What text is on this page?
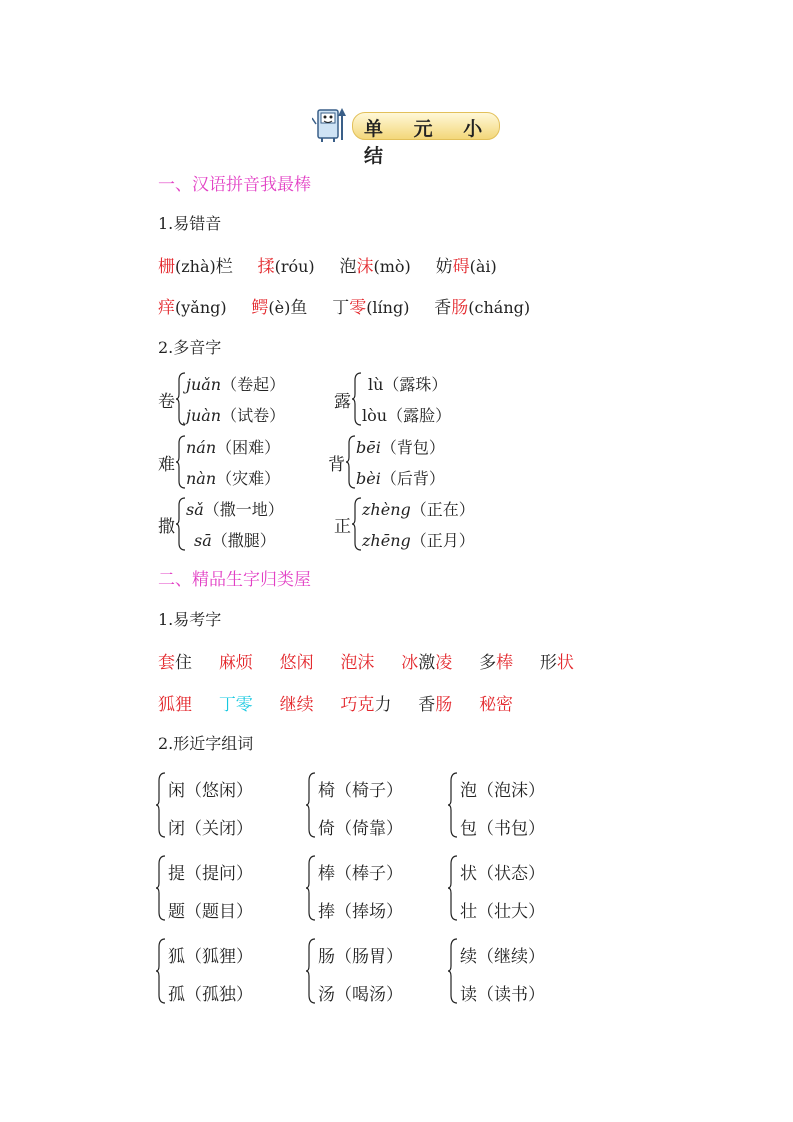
单 元 小 结
一、汉语拼音我最棒
1.易错音
栅(zhà)栏 揉(róu) 泡沫(mò) 妨碍(ài)
痒(yǎng) 鳄(è)鱼 丁零(líng) 香肠(cháng)
2.多音字
卷
juǎn（卷起）
juàn（试卷）
露
lù（露珠）
lòu（露脸）
难
nán（困难）
nàn（灾难）
背
bēi（背包）
bèi（后背）
撒
sǎ（撒一地）
sā（撒腿）
正
zhèng（正在）
zhēng（正月）
二、精品生字归类屋
1.易考字
套住 麻烦 悠闲 泡沫 冰激凌 多棒 形状
狐狸 丁零 继续 巧克力 香肠 秘密
2.形近字组词
闲（悠闲）
闭（关闭）
椅（椅子）
倚（倚靠）
泡（泡沫）
包（书包）
提（提问）
题（题目）
棒（棒子）
捧（捧场）
状（状态）
壮（壮大）
狐（狐狸）
孤（孤独）
肠（肠胃）
汤（喝汤）
续（继续）
读（读书）
